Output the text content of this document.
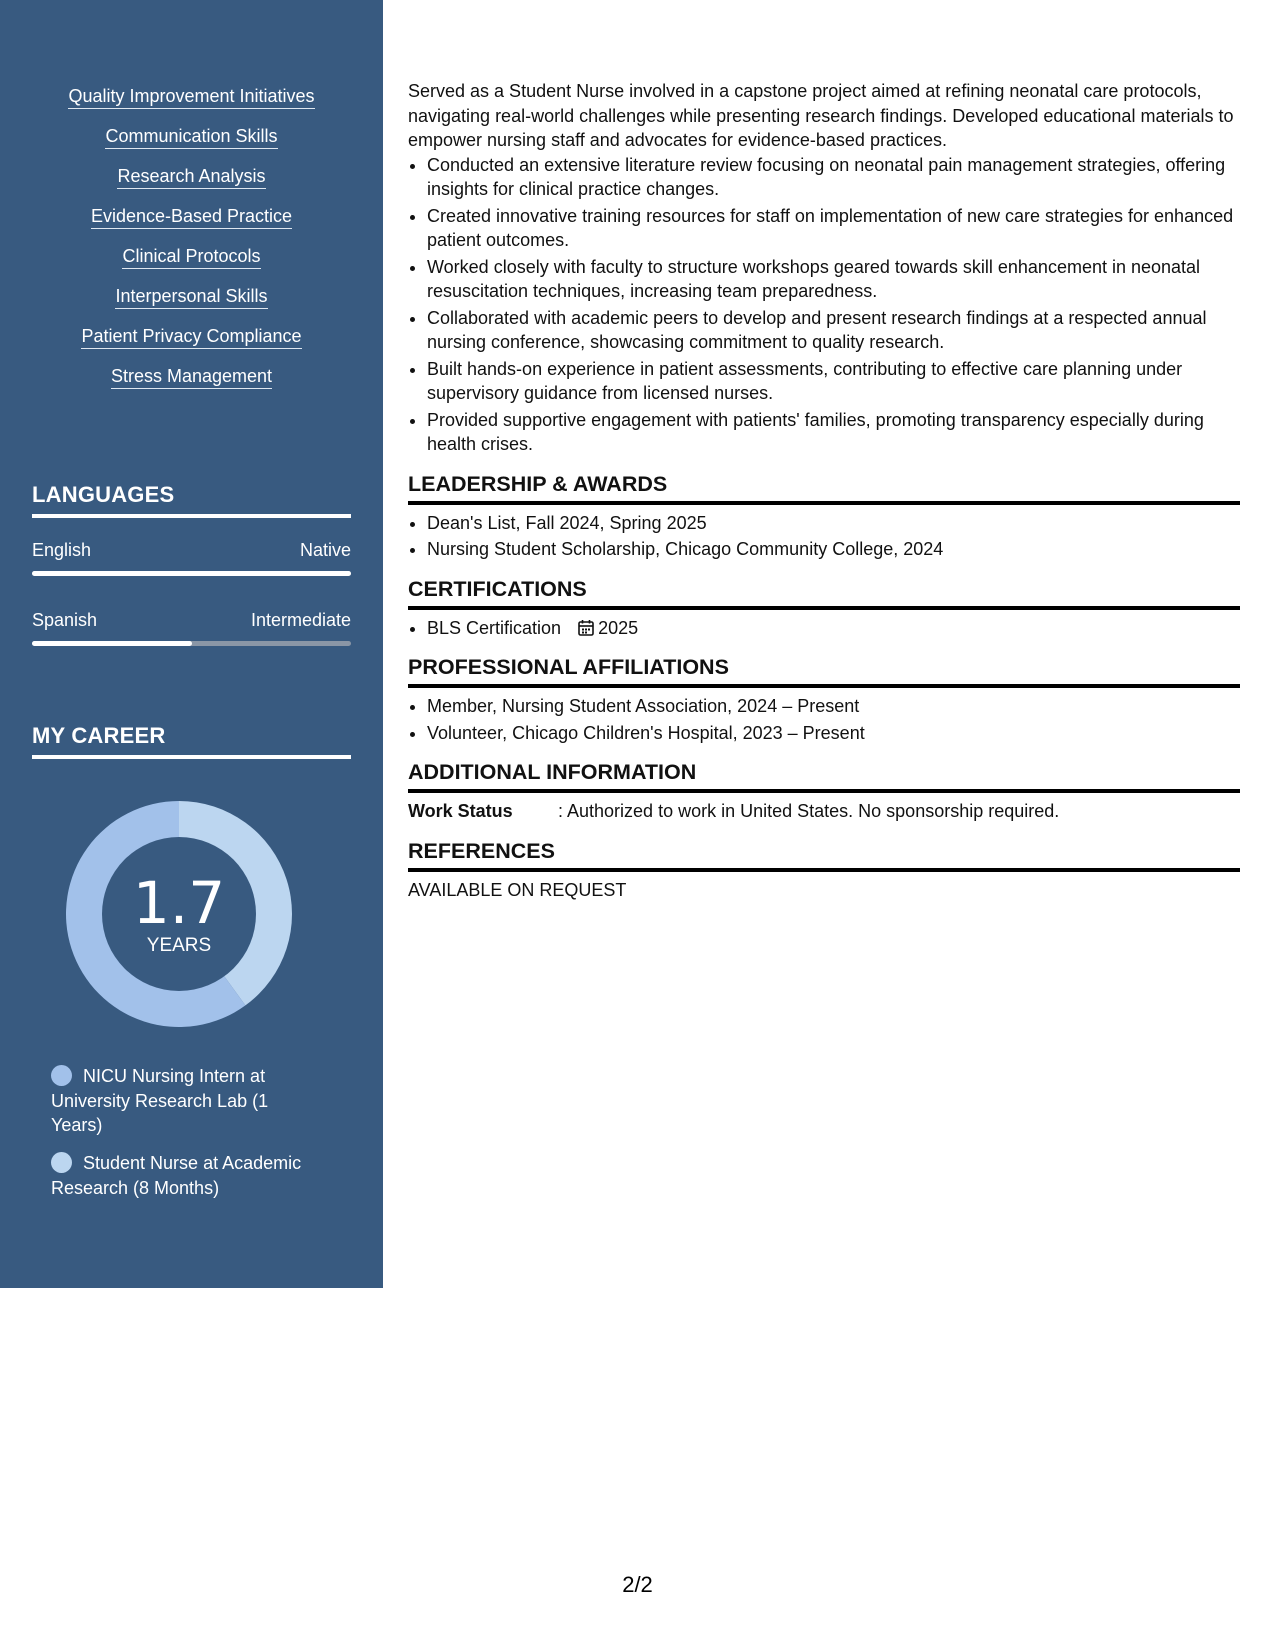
Quality Improvement Initiatives
Communication Skills
Research Analysis
Evidence-Based Practice
Clinical Protocols
Interpersonal Skills
Patient Privacy Compliance
Stress Management
LANGUAGES
English	Native
Spanish	Intermediate
MY CAREER
1.7
YEARS
NICU Nursing Intern at University Research Lab (1 Years)
Student Nurse at Academic Research (8 Months)

Served as a Student Nurse involved in a capstone project aimed at refining neonatal care protocols, navigating real-world challenges while presenting research findings. Developed educational materials to empower nursing staff and advocates for evidence-based practices.

• Conducted an extensive literature review focusing on neonatal pain management strategies, offering insights for clinical practice changes.
• Created innovative training resources for staff on implementation of new care strategies for enhanced patient outcomes.
• Worked closely with faculty to structure workshops geared towards skill enhancement in neonatal resuscitation techniques, increasing team preparedness.
• Collaborated with academic peers to develop and present research findings at a respected annual nursing conference, showcasing commitment to quality research.
• Built hands-on experience in patient assessments, contributing to effective care planning under supervisory guidance from licensed nurses.
• Provided supportive engagement with patients' families, promoting transparency especially during health crises.
LEADERSHIP & AWARDS
• Dean's List, Fall 2024, Spring 2025
• Nursing Student Scholarship, Chicago Community College, 2024
CERTIFICATIONS
• BLS Certification 2025
PROFESSIONAL AFFILIATIONS
• Member, Nursing Student Association, 2024 – Present
• Volunteer, Chicago Children's Hospital, 2023 – Present
ADDITIONAL INFORMATION
Work Status	: Authorized to work in United States. No sponsorship required.
REFERENCES
AVAILABLE ON REQUEST
2/2
